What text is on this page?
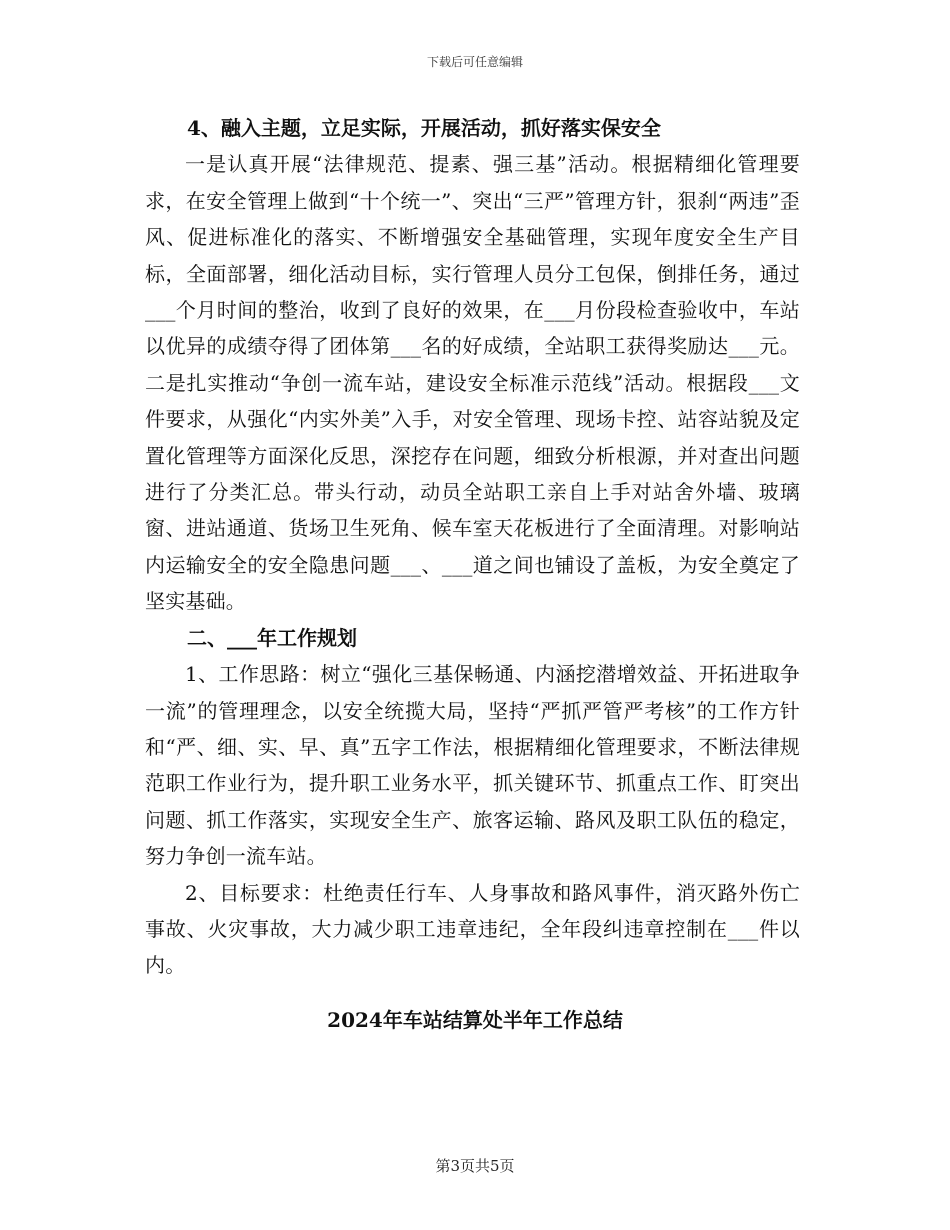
下载后可任意编辑

4、融入主题，立足实际，开展活动，抓好落实保安全

一是认真开展“法律规范、提素、强三基”活动。根据精细化管理要求，在安全管理上做到“十个统一”、突出“三严”管理方针，狠刹“两违”歪风、促进标准化的落实、不断增强安全基础管理，实现年度安全生产目标，全面部署，细化活动目标，实行管理人员分工包保，倒排任务，通过___个月时间的整治，收到了良好的效果，在___月份段检查验收中，车站以优异的成绩夺得了团体第___名的好成绩，全站职工获得奖励达___元。二是扎实推动“争创一流车站，建设安全标准示范线”活动。根据段___文件要求，从强化“内实外美”入手，对安全管理、现场卡控、站容站貌及定置化管理等方面深化反思，深挖存在问题，细致分析根源，并对查出问题进行了分类汇总。带头行动，动员全站职工亲自上手对站舍外墙、玻璃窗、进站通道、货场卫生死角、候车室天花板进行了全面清理。对影响站内运输安全的安全隐患问题___、___道之间也铺设了盖板，为安全奠定了坚实基础。

二、___年工作规划

1、工作思路：树立“强化三基保畅通、内涵挖潜增效益、开拓进取争一流”的管理理念，以安全统揽大局，坚持“严抓严管严考核”的工作方针和“严、细、实、早、真”五字工作法，根据精细化管理要求，不断法律规范职工作业行为，提升职工业务水平，抓关键环节、抓重点工作、盯突出问题、抓工作落实，实现安全生产、旅客运输、路风及职工队伍的稳定，努力争创一流车站。

2、目标要求：杜绝责任行车、人身事故和路风事件，消灭路外伤亡事故、火灾事故，大力减少职工违章违纪，全年段纠违章控制在___件以内。

2024年车站结算处半年工作总结
第3页共5页
